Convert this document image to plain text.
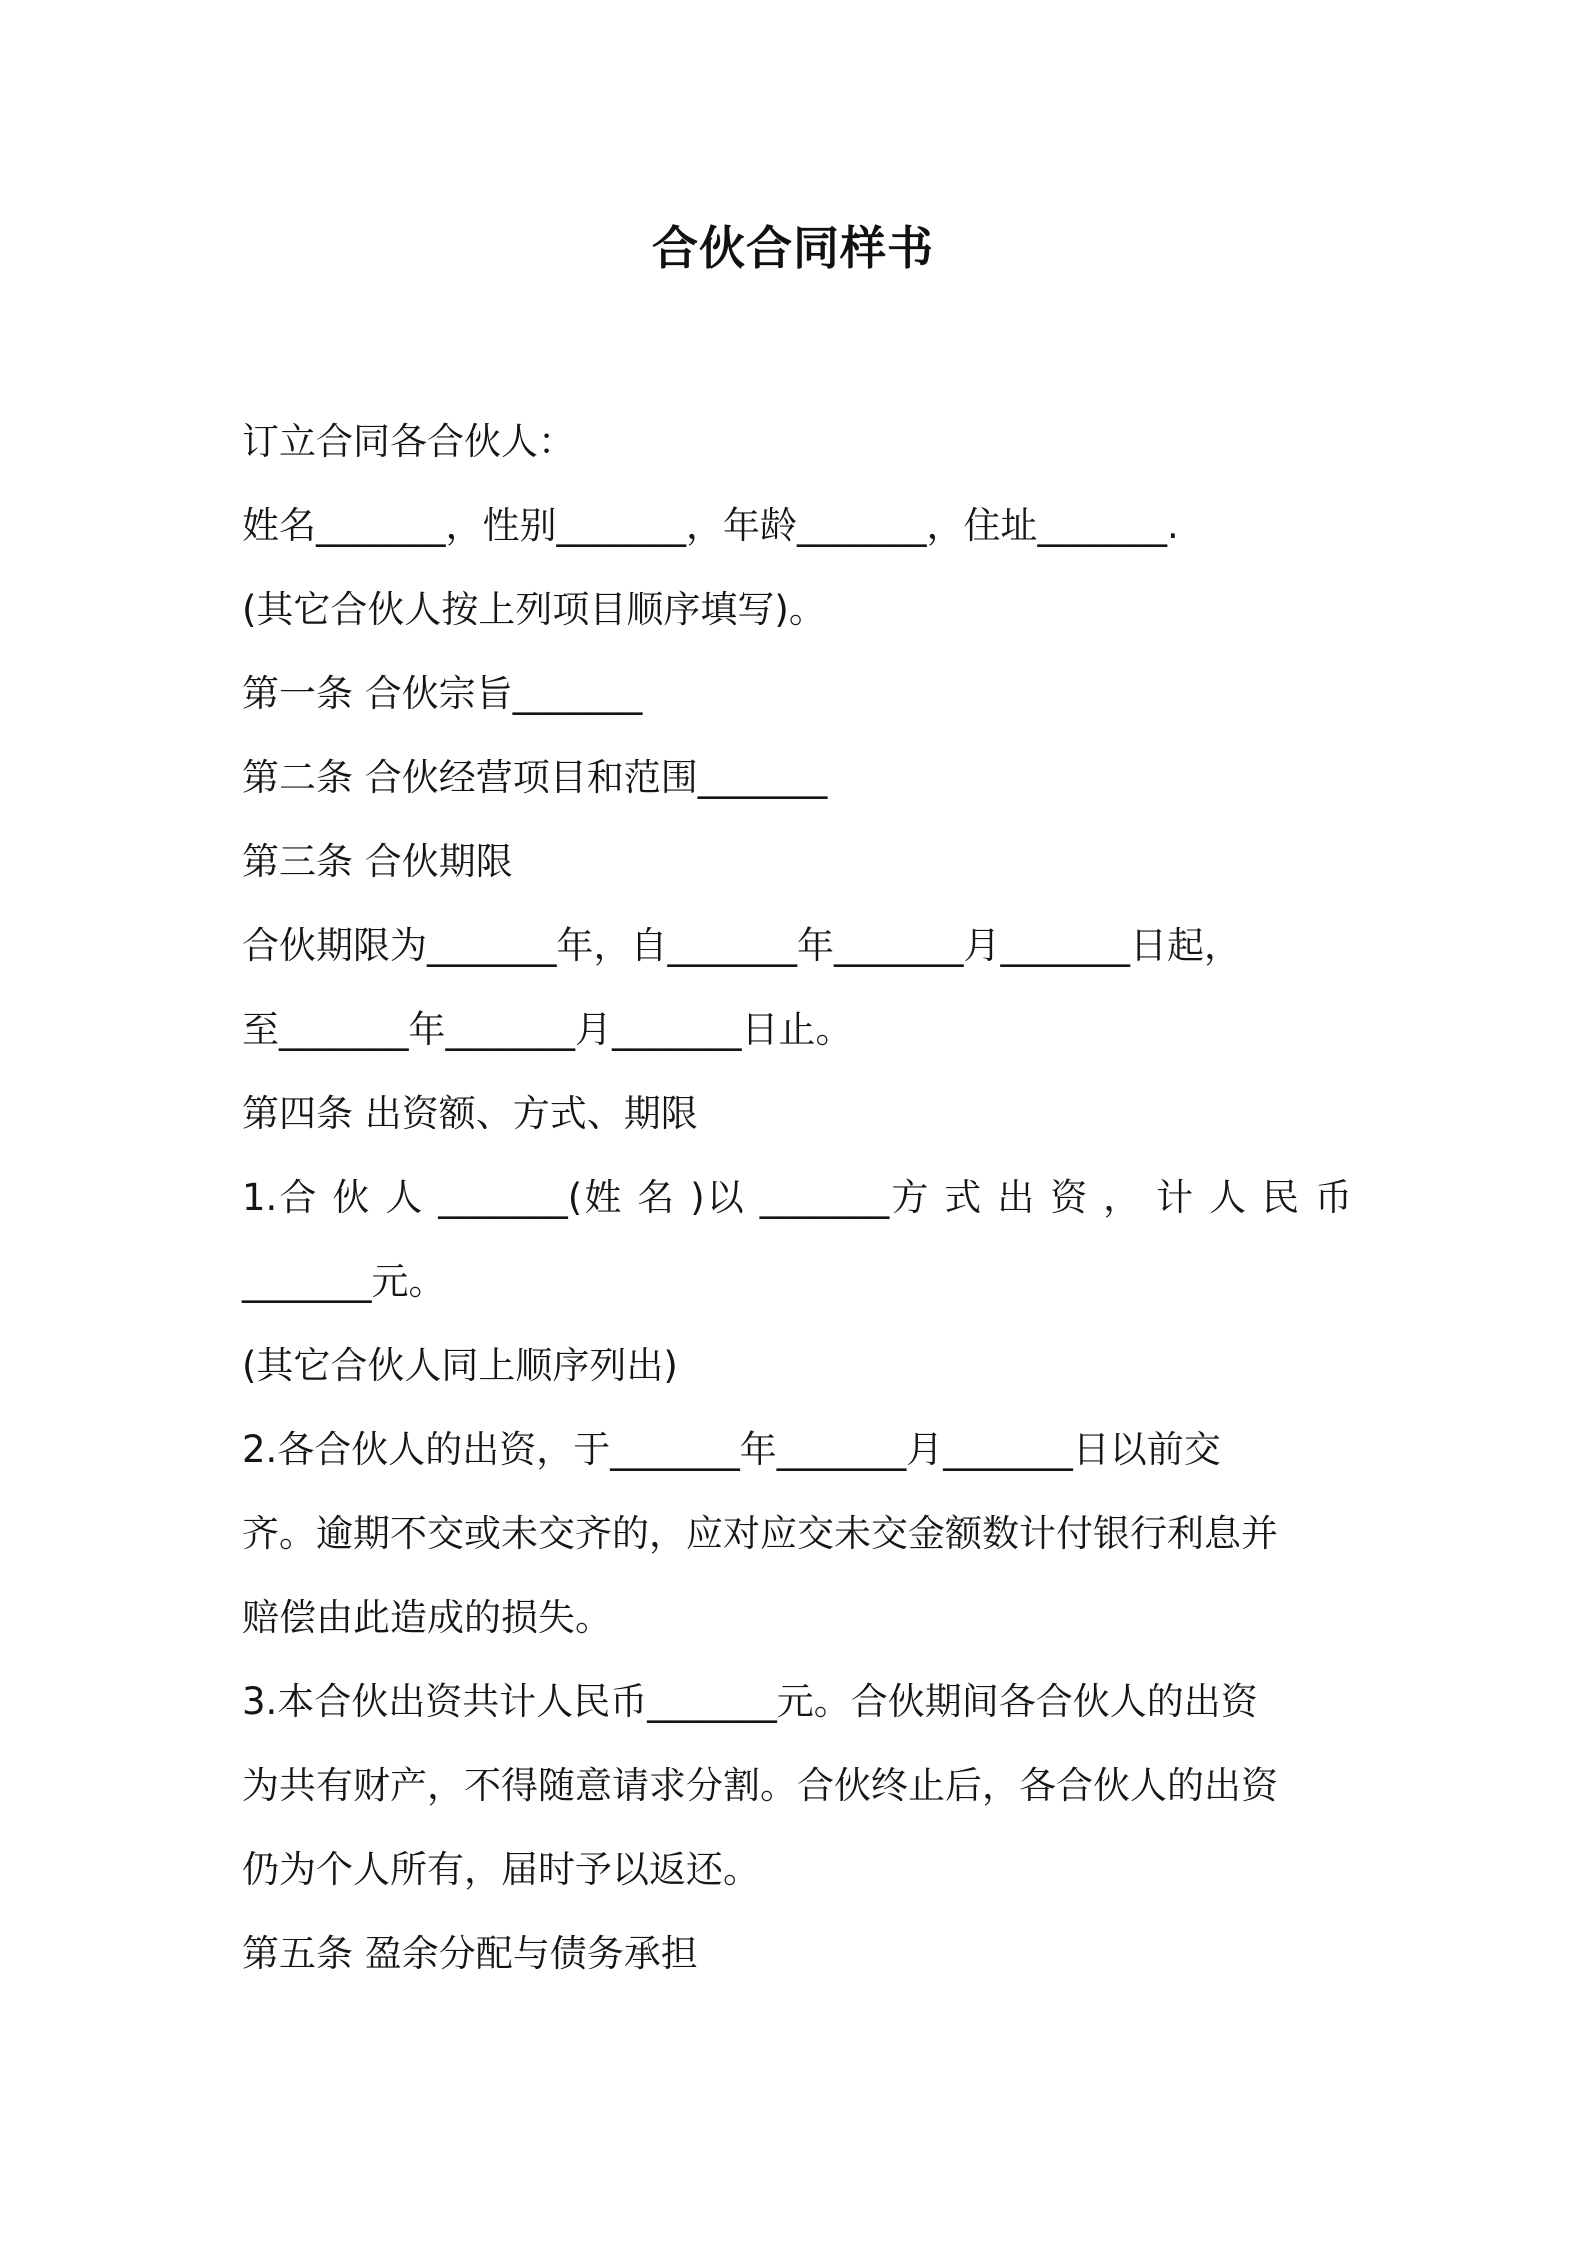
合伙合同样书
订立合同各合伙人：
姓名_______，性别_______，年龄_______，住址_______.
(其它合伙人按上列项目顺序填写)。
第一条 合伙宗旨_______
第二条 合伙经营项目和范围_______
第三条 合伙期限
合伙期限为_______年，自_______年_______月_______日起，
至_______年_______月_______日止。
第四条 出资额、方式、期限
1.合 伙 人 _______(姓 名 )以 _______方 式 出 资 ， 计 人 民 币
_______元。
(其它合伙人同上顺序列出)
2.各合伙人的出资，于_______年_______月_______日以前交
齐。逾期不交或未交齐的，应对应交未交金额数计付银行利息并
赔偿由此造成的损失。
3.本合伙出资共计人民币_______元。合伙期间各合伙人的出资
为共有财产，不得随意请求分割。合伙终止后，各合伙人的出资
仍为个人所有，届时予以返还。
第五条 盈余分配与债务承担
